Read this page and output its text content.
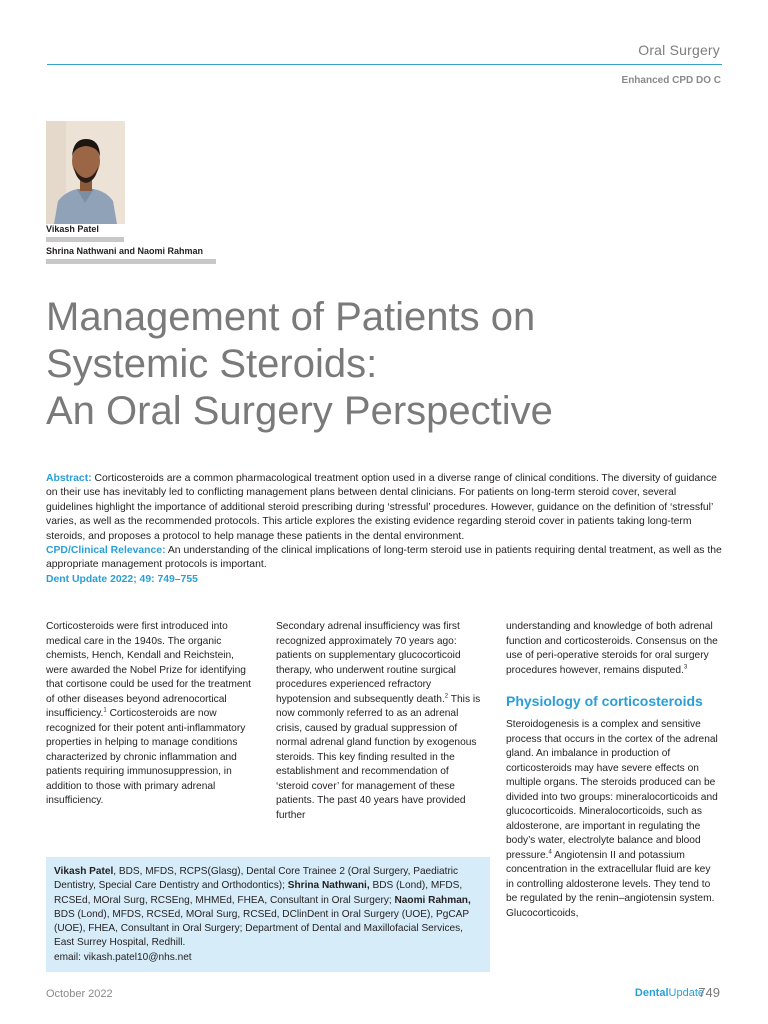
Oral Surgery
Enhanced CPD DO C
Vikash Patel
Shrina Nathwani and Naomi Rahman
Management of Patients on
Systemic Steroids:
An Oral Surgery Perspective

Abstract: Corticosteroids are a common pharmacological treatment option used in a diverse range of clinical conditions. The diversity of guidance on their use has inevitably led to conflicting management plans between dental clinicians. For patients on long-term steroid cover, several guidelines highlight the importance of additional steroid prescribing during ‘stressful’ procedures. However, guidance on the definition of ‘stressful’ varies, as well as the recommended protocols. This article explores the existing evidence regarding steroid cover in patients taking long-term steroids, and proposes a protocol to help manage these patients in the dental environment.

CPD/Clinical Relevance: An understanding of the clinical implications of long-term steroid use in patients requiring dental treatment, as well as the appropriate management protocols is important.

Dent Update 2022; 49: 749–755

Corticosteroids were first introduced into medical care in the 1940s. The organic chemists, Hench, Kendall and Reichstein, were awarded the Nobel Prize for identifying that cortisone could be used for the treatment of other diseases beyond adrenocortical insufficiency.$^1$ Corticosteroids are now recognized for their potent anti-inflammatory properties in helping to manage conditions characterized by chronic inflammation and patients requiring immunosuppression, in addition to those with primary adrenal insufficiency.

Secondary adrenal insufficiency was first recognized approximately 70 years ago: patients on supplementary glucocorticoid therapy, who underwent routine surgical procedures experienced refractory hypotension and subsequently death.$^2$ This is now commonly referred to as an adrenal crisis, caused by gradual suppression of normal adrenal gland function by exogenous steroids. This key finding resulted in the establishment and recommendation of ‘steroid cover’ for management of these patients. The past 40 years have provided further

understanding and knowledge of both adrenal function and corticosteroids. Consensus on the use of peri-operative steroids for oral surgery procedures however, remains disputed.$^3$

Physiology of corticosteroids

Steroidogenesis is a complex and sensitive process that occurs in the cortex of the adrenal gland. An imbalance in production of corticosteroids may have severe effects on multiple organs. The steroids produced can be divided into two groups: mineralocorticoids and glucocorticoids. Mineralocorticoids, such as aldosterone, are important in regulating the body’s water, electrolyte balance and blood pressure.$^4$ Angiotensin II and potassium concentration in the extracellular fluid are key in controlling aldosterone levels. They tend to be regulated by the renin–angiotensin system. Glucocorticoids,

Vikash Patel, BDS, MFDS, RCPS(Glasg), Dental Core Trainee 2 (Oral Surgery, Paediatric Dentistry, Special Care Dentistry and Orthodontics); Shrina Nathwani, BDS (Lond), MFDS, RCSEd, MOral Surg, RCSEng, MHMEd, FHEA, Consultant in Oral Surgery; Naomi Rahman, BDS (Lond), MFDS, RCSEd, MOral Surg, RCSEd, DClinDent in Oral Surgery (UOE), PgCAP (UOE), FHEA, Consultant in Oral Surgery; Department of Dental and Maxillofacial Services, East Surrey Hospital, Redhill.

email: vikash.patel10@nhs.net

October 2022	DentalUpdate
749
